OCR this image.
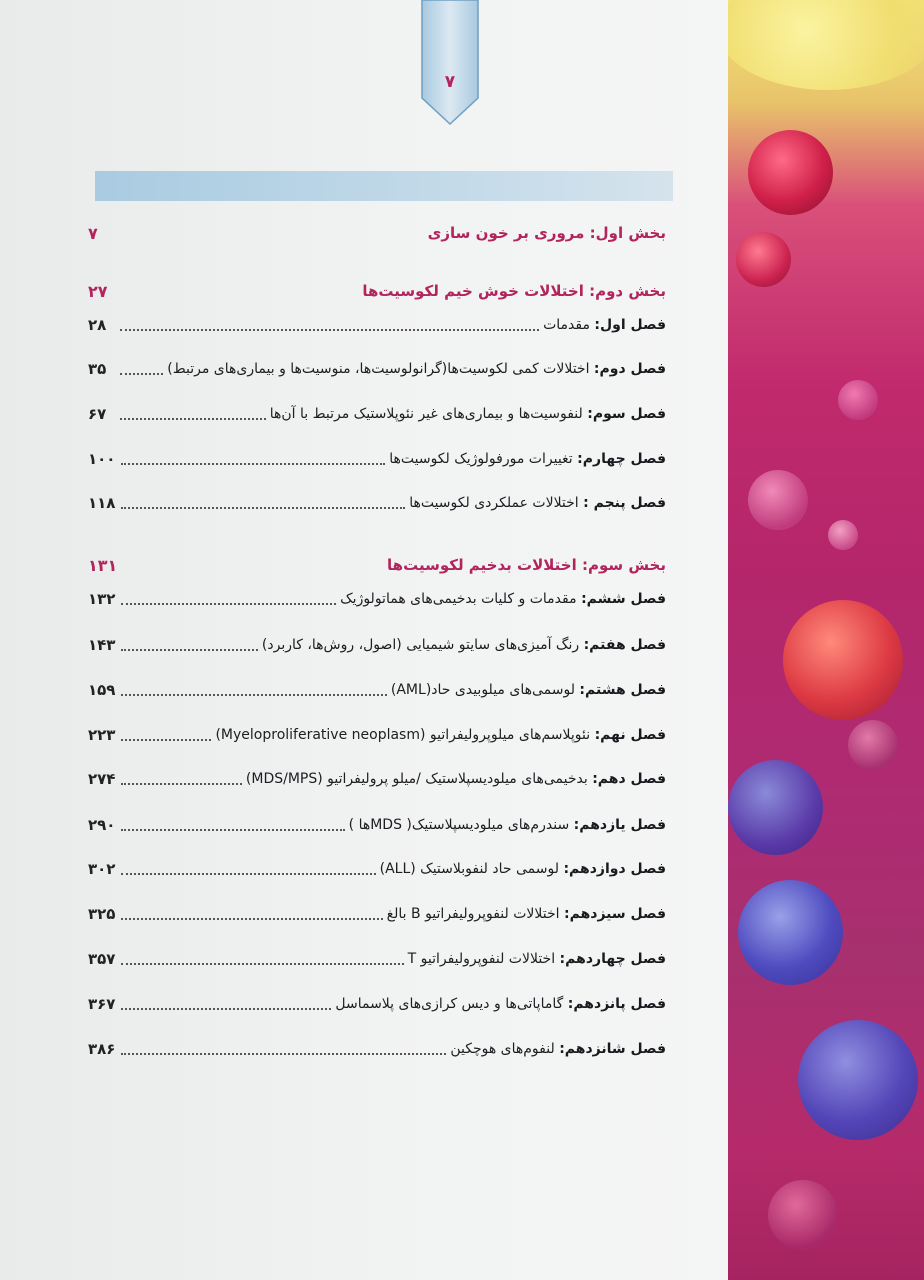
۷
بخش اول: مروری بر خون سازی
۷
بخش دوم: اختلالات خوش خیم لکوسیت‌ها
۲۷
فصل اول: مقدمات
۲۸
فصل دوم: اختلالات کمی لکوسیت‌ها(گرانولوسیت‌ها، منوسیت‌ها و بیماری‌های مرتبط)
۳۵
فصل سوم: لنفوسیت‌ها و بیماری‌های غیر نئوپلاستیک مرتبط با آن‌ها
۶۷
فصل چهارم: تغییرات مورفولوژیک لکوسیت‌ها
۱۰۰
فصل پنجم : اختلالات عملکردی لکوسیت‌ها
۱۱۸
بخش سوم: اختلالات بدخیم لکوسیت‌ها
۱۳۱
فصل ششم: مقدمات و کلیات بدخیمی‌های هماتولوژیک
۱۳۲
فصل هفتم: رنگ آمیزی‌های سایتو شیمیایی (اصول، روش‌ها، کاربرد)
۱۴۳
فصل هشتم: لوسمی‌های میلوبیدی حاد(AML)
۱۵۹
فصل نهم: نئوپلاسم‌های میلوپرولیفراتیو (Myeloproliferative neoplasm)
۲۲۳
فصل دهم: بدخیمی‌های میلودیسپلاستیک /میلو پرولیفراتیو (MDS/MPS)
۲۷۴
فصل یازدهم: سندرم‌های میلودیسپلاستیک( MDSها )
۲۹۰
فصل دوازدهم: لوسمی حاد لنفوبلاستیک (ALL)
۳۰۲
فصل سیزدهم: اختلالات لنفوپرولیفراتیو B بالغ
۳۲۵
فصل چهاردهم: اختلالات لنفوپرولیفراتیو T
۳۵۷
فصل پانزدهم: گاماپاتی‌ها و دیس کرازی‌های پلاسماسل
۳۶۷
فصل شانزدهم: لنفوم‌های هوچکین
۳۸۶
